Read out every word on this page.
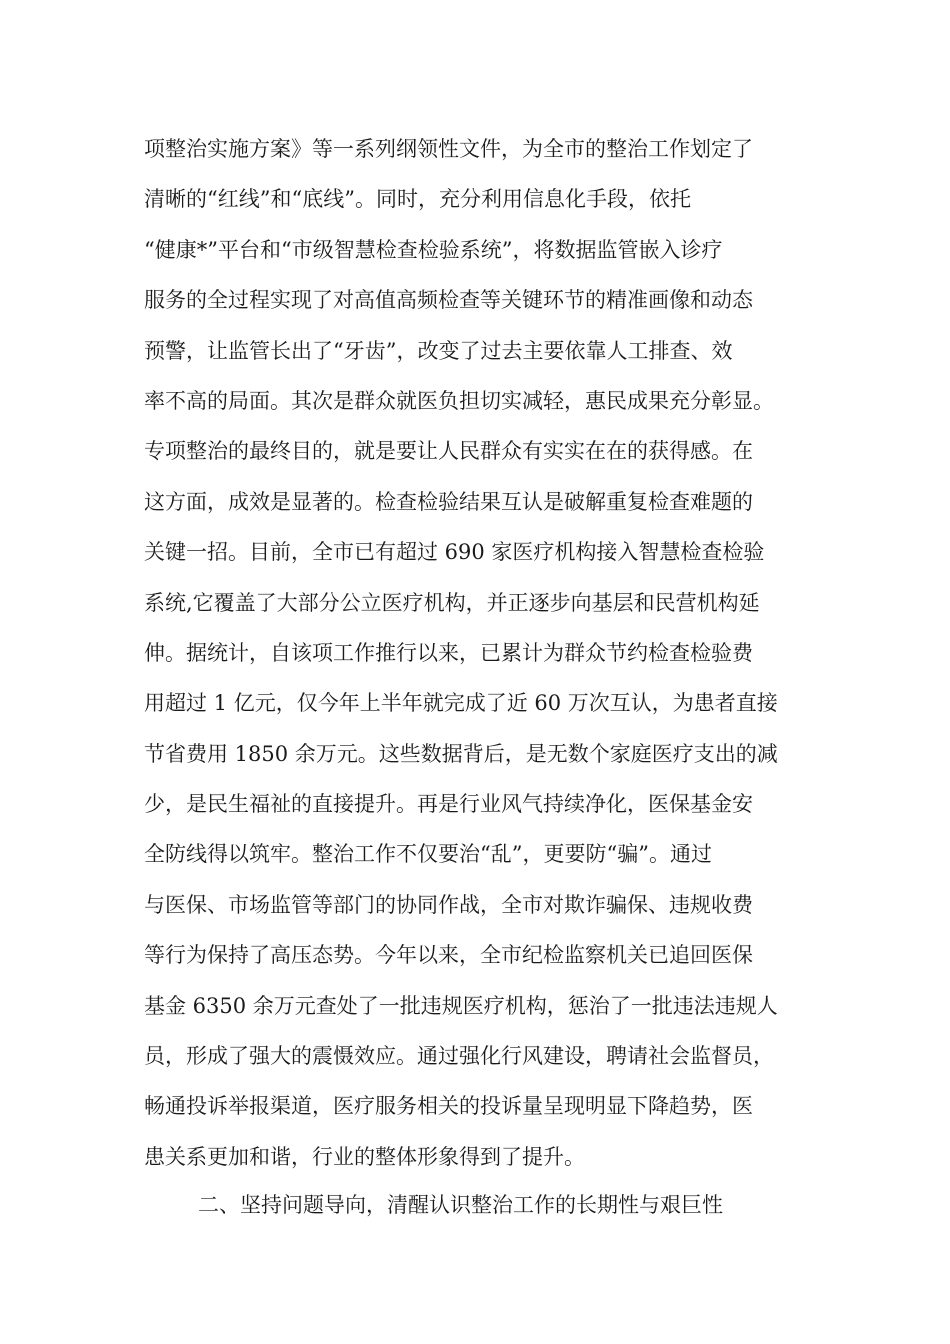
项整治实施方案》等一系列纲领性文件，为全市的整治工作划定了
清晰的“红线”和“底线”。同时，充分利用信息化手段，依托
“健康*”平台和“市级智慧检查检验系统”，将数据监管嵌入诊疗
服务的全过程实现了对高值高频检查等关键环节的精准画像和动态
预警，让监管长出了“牙齿”，改变了过去主要依靠人工排查、效
率不高的局面。其次是群众就医负担切实减轻，惠民成果充分彰显。
专项整治的最终目的，就是要让人民群众有实实在在的获得感。在
这方面，成效是显著的。检查检验结果互认是破解重复检查难题的
关键一招。目前，全市已有超过 690 家医疗机构接入智慧检查检验
系统,它覆盖了大部分公立医疗机构，并正逐步向基层和民营机构延
伸。据统计，自该项工作推行以来，已累计为群众节约检查检验费
用超过 1 亿元，仅今年上半年就完成了近 60 万次互认，为患者直接
节省费用 1850 余万元。这些数据背后，是无数个家庭医疗支出的减
少，是民生福祉的直接提升。再是行业风气持续净化，医保基金安
全防线得以筑牢。整治工作不仅要治“乱”，更要防“骗”。通过
与医保、市场监管等部门的协同作战，全市对欺诈骗保、违规收费
等行为保持了高压态势。今年以来，全市纪检监察机关已追回医保
基金 6350 余万元查处了一批违规医疗机构，惩治了一批违法违规人
员，形成了强大的震慑效应。通过强化行风建设，聘请社会监督员，
畅通投诉举报渠道，医疗服务相关的投诉量呈现明显下降趋势，医
患关系更加和谐，行业的整体形象得到了提升。
二、坚持问题导向，清醒认识整治工作的长期性与艰巨性
